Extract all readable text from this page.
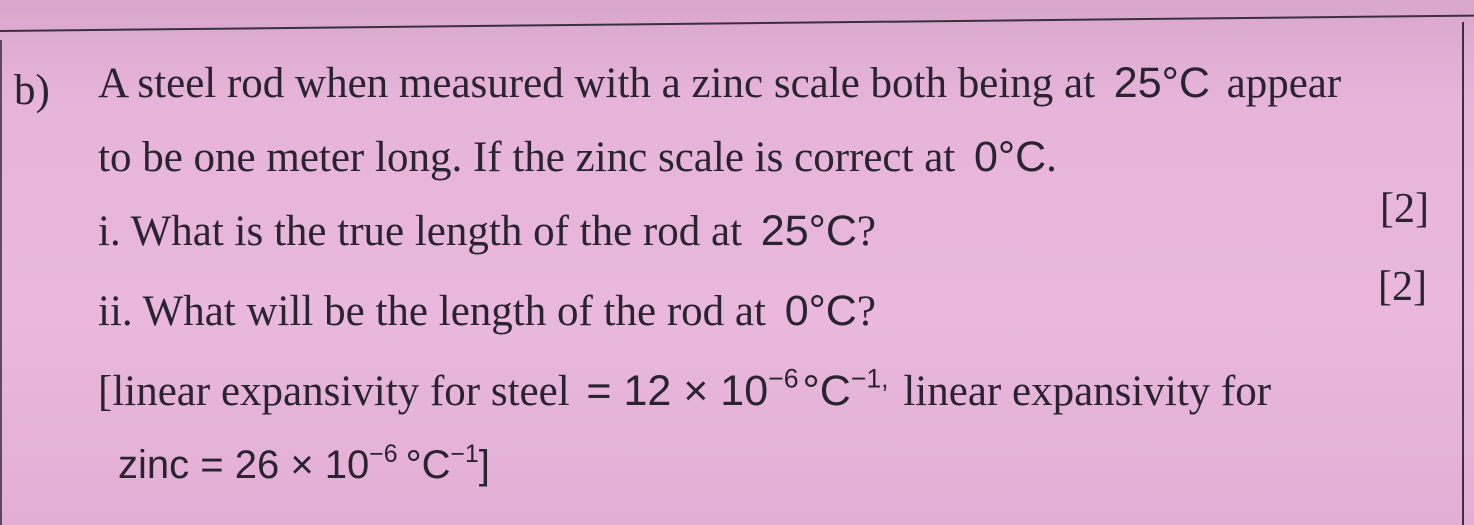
b) A steel rod when measured with a zinc scale both being at 25°C appear
to be one meter long. If the zinc scale is correct at 0°C.
i. What is the true length of the rod at 25°C?	[2]
ii. What will be the length of the rod at 0°C?
[2]
[linear expansivity for steel = $12 \times 10^{-6}^\circ C^{-1,}$ linear expansivity for
zinc = $26 \times 10^{-6}$ $^\circ C^{-1}$]
